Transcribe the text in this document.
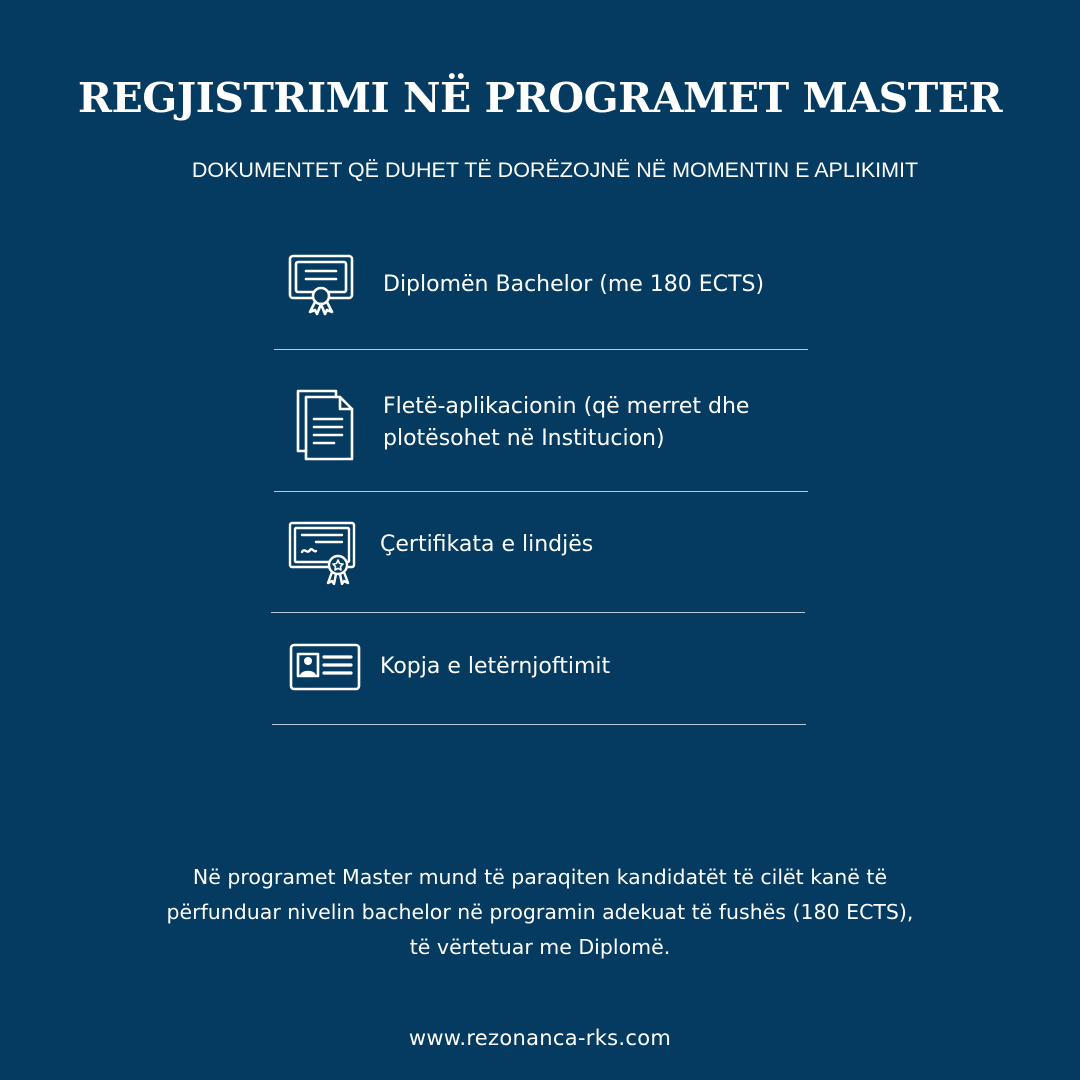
REGJISTRIMI NË PROGRAMET MASTER
DOKUMENTET QË DUHET TË DORËZOJNË NË MOMENTIN E APLIKIMIT
Diplomën Bachelor (me 180 ECTS)
Fletë-aplikacionin (që merret dhe
plotësohet në Institucion)
Çertifikata e lindjës
Kopja e letërnjoftimit
Në programet Master mund të paraqiten kandidatët të cilët kanë të
përfunduar nivelin bachelor në programin adekuat të fushës (180 ECTS),
të vërtetuar me Diplomë.
www.rezonanca-rks.com
